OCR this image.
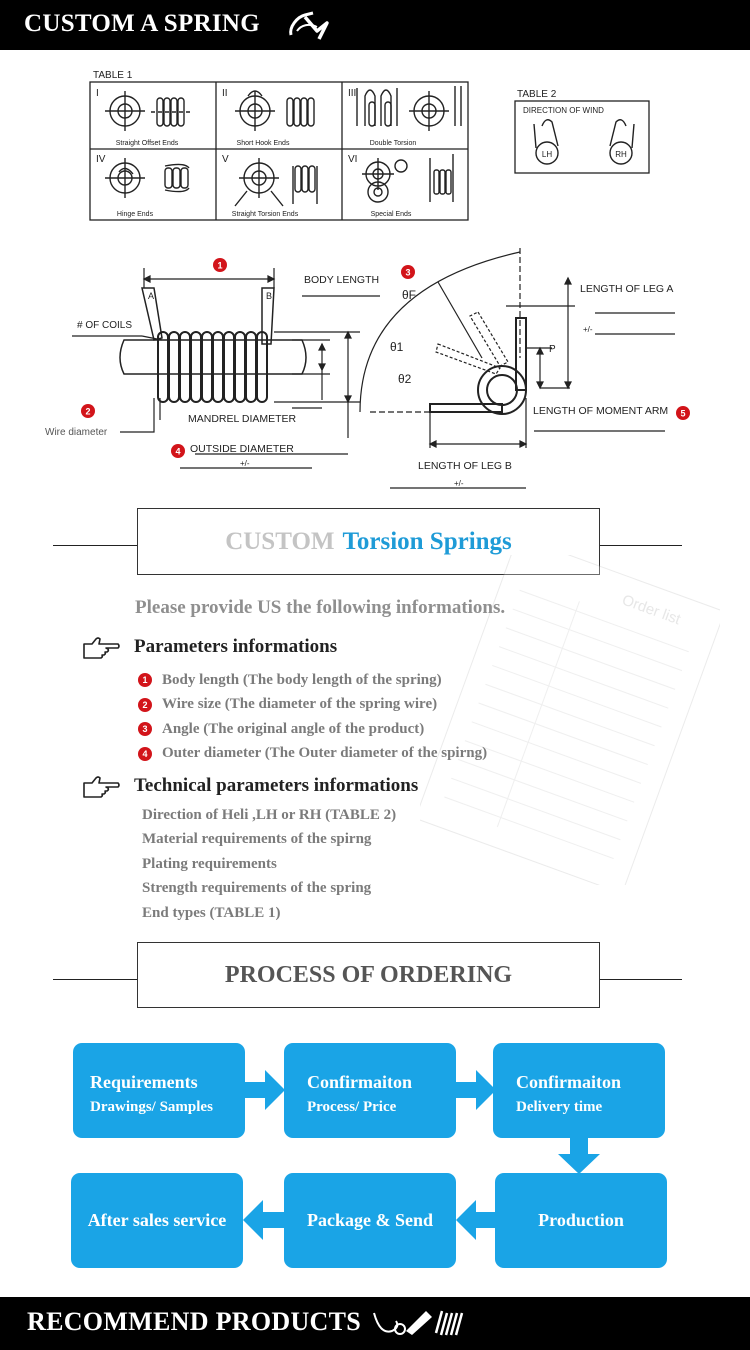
CUSTOM A SPRING
TABLE 1
I	II	III
IV	V	VI
Straight Offset Ends	Short Hook Ends	Double Torsion
Hinge Ends	Straight Torsion Ends	Special Ends
TABLE 2
DIRECTION OF WIND
LH	RH
A	B
BODY LENGTH
# OF COILS
Wire diameter
MANDREL DIAMETER
OUTSIDE DIAMETER
+/-
1
2
3
4
5
θF
θ1
θ2
P
LENGTH OF LEG A
+/-
LENGTH OF MOMENT ARM
LENGTH OF LEG B
+/-
CUSTOM Torsion Springs
Order list
Please provide US the following informations.
Parameters informations
1 Body length (The body length of the spring)
2 Wire size (The diameter of the spring wire)
3 Angle (The original angle of the product)
4 Outer diameter (The Outer diameter of the spirng)
Technical parameters informations
Direction of Heli ,LH or RH (TABLE 2)
Material requirements of the spirng
Plating requirements
Strength requirements of the spring
End types (TABLE 1)
PROCESS OF ORDERING
Requirements
Drawings/ Samples
Confirmaiton
Process/ Price
Confirmaiton
Delivery time
Production
Package & Send
After sales service
RECOMMEND PRODUCTS
